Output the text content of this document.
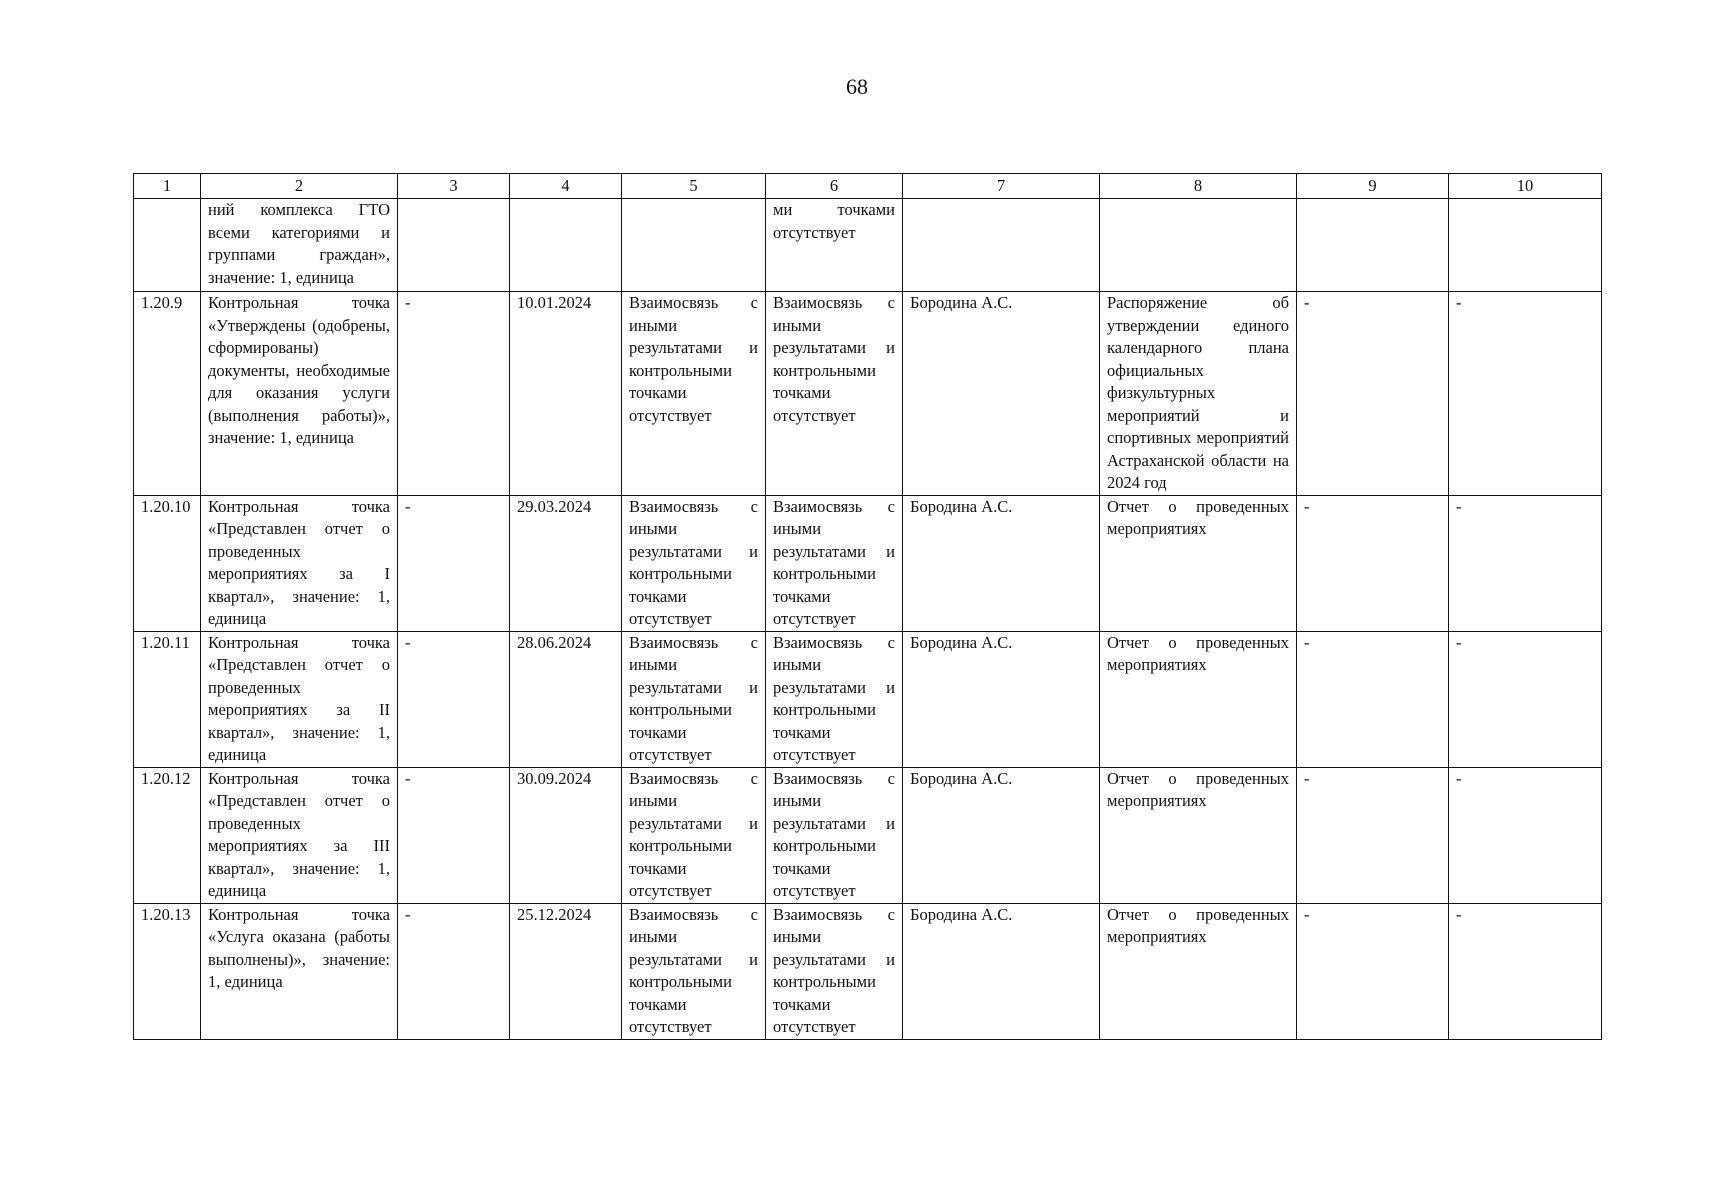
68
1	2	3	4	5	6	7	8	9	10
	ний комплекса ГТО всеми категориями и группами граждан», значение: 1, единица				ми точками отсутствует				
1.20.9	Контрольная точка «Утверждены (одобрены, сформированы) документы, необходимые для оказания услуги (выполнения работы)», значение: 1, единица	-	10.01.2024	Взаимосвязь с иными результатами и контрольными точками отсутствует	Взаимосвязь с иными результатами и контрольными точками отсутствует	Бородина А.С.	Распоряжение об утверждении единого календарного плана официальных физкультурных мероприятий и спортивных мероприятий Астраханской области на 2024 год	-	-
1.20.10	Контрольная точка «Представлен отчет о проведенных мероприятиях за I квартал», значение: 1, единица	-	29.03.2024	Взаимосвязь с иными результатами и контрольными точками отсутствует	Взаимосвязь с иными результатами и контрольными точками отсутствует	Бородина А.С.	Отчет о проведенных мероприятиях	-	-
1.20.11	Контрольная точка «Представлен отчет о проведенных мероприятиях за II квартал», значение: 1, единица	-	28.06.2024	Взаимосвязь с иными результатами и контрольными точками отсутствует	Взаимосвязь с иными результатами и контрольными точками отсутствует	Бородина А.С.	Отчет о проведенных мероприятиях	-	-
1.20.12	Контрольная точка «Представлен отчет о проведенных мероприятиях за III квартал», значение: 1, единица	-	30.09.2024	Взаимосвязь с иными результатами и контрольными точками отсутствует	Взаимосвязь с иными результатами и контрольными точками отсутствует	Бородина А.С.	Отчет о проведенных мероприятиях	-	-
1.20.13	Контрольная точка «Услуга оказана (работы выполнены)», значение: 1, единица	-	25.12.2024	Взаимосвязь с иными результатами и контрольными точками отсутствует	Взаимосвязь с иными результатами и контрольными точками отсутствует	Бородина А.С.	Отчет о проведенных мероприятиях	-	-
